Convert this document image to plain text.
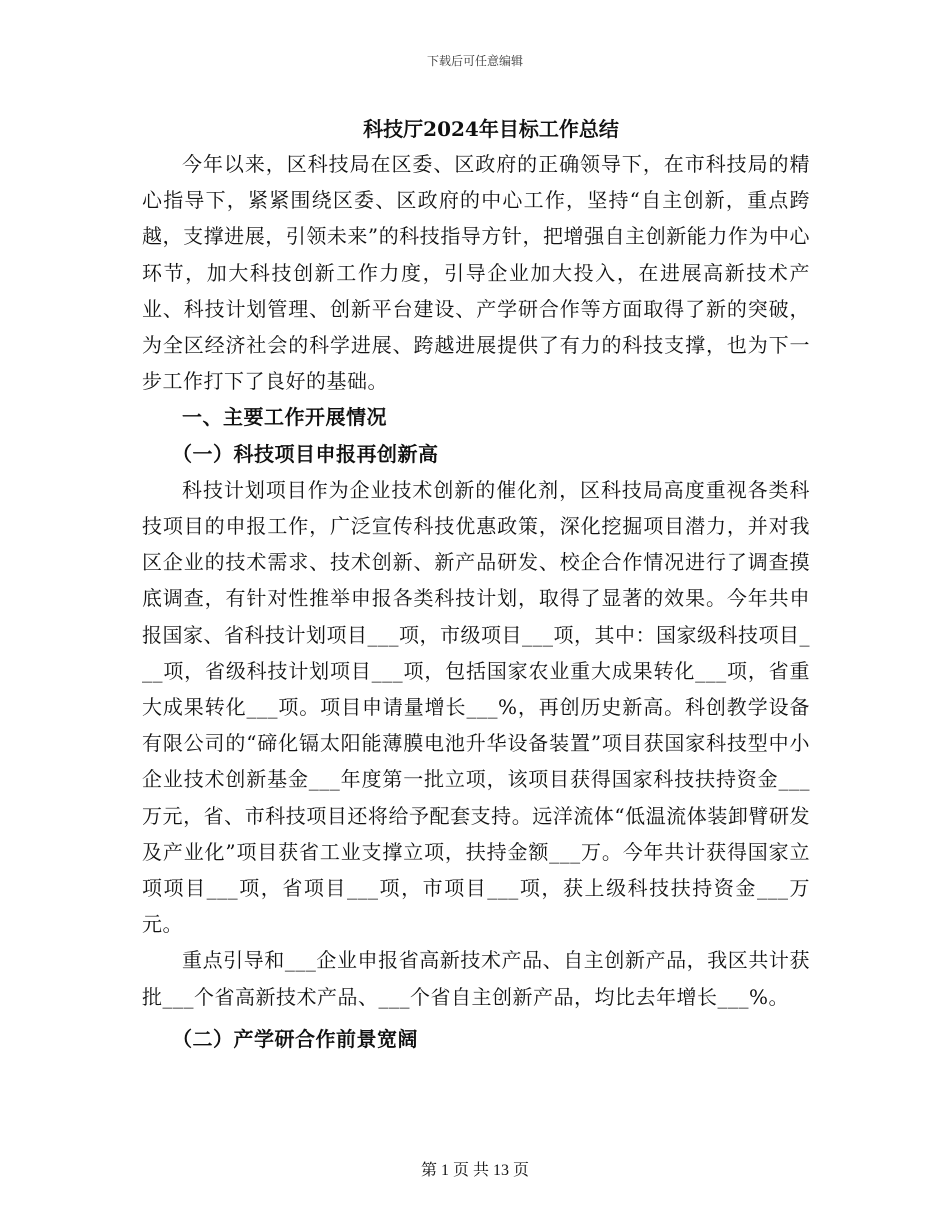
下载后可任意编辑

科技厅2024年目标工作总结

今年以来，区科技局在区委、区政府的正确领导下，在市科技局的精心指导下，紧紧围绕区委、区政府的中心工作，坚持“自主创新，重点跨越，支撑进展，引领未来”的科技指导方针，把增强自主创新能力作为中心环节，加大科技创新工作力度，引导企业加大投入，在进展高新技术产业、科技计划管理、创新平台建设、产学研合作等方面取得了新的突破，为全区经济社会的科学进展、跨越进展提供了有力的科技支撑，也为下一步工作打下了良好的基础。

一、主要工作开展情况

（一）科技项目申报再创新高

科技计划项目作为企业技术创新的催化剂，区科技局高度重视各类科技项目的申报工作，广泛宣传科技优惠政策，深化挖掘项目潜力，并对我区企业的技术需求、技术创新、新产品研发、校企合作情况进行了调查摸底调查，有针对性推举申报各类科技计划，取得了显著的效果。今年共申报国家、省科技计划项目___项，市级项目___项，其中：国家级科技项目___项，省级科技计划项目___项，包括国家农业重大成果转化___项，省重大成果转化___项。项目申请量增长___%，再创历史新高。科创教学设备有限公司的“碲化镉太阳能薄膜电池升华设备装置”项目获国家科技型中小企业技术创新基金___年度第一批立项，该项目获得国家科技扶持资金___万元，省、市科技项目还将给予配套支持。远洋流体“低温流体装卸臂研发及产业化”项目获省工业支撑立项，扶持金额___万。今年共计获得国家立项项目___项，省项目___项，市项目___项，获上级科技扶持资金___万元。

重点引导和___企业申报省高新技术产品、自主创新产品，我区共计获批___个省高新技术产品、___个省自主创新产品，均比去年增长___%。

（二）产学研合作前景宽阔

第 1 页 共 13 页
